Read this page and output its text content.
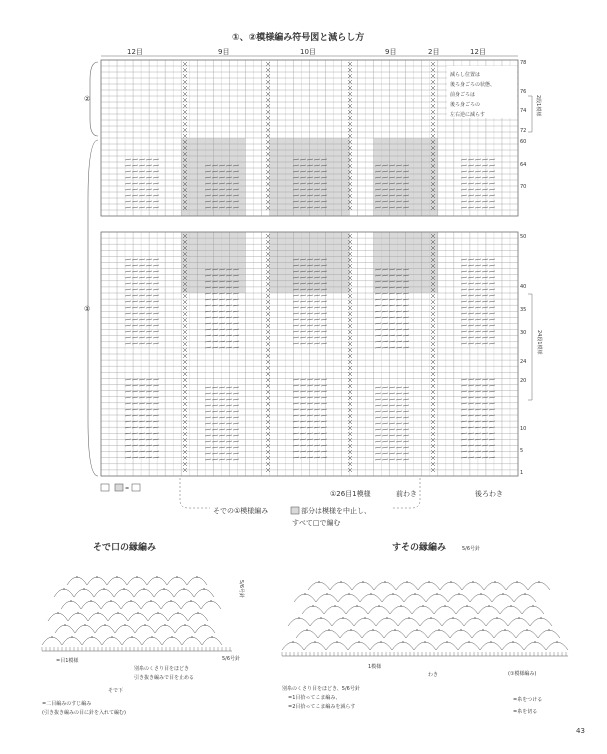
①、②模様編み符号図と減らし方
12目	9目	10目	9目	2目	12目
②
①
減らし位置は
後ろ身ごろの状態、
前身ごろは
後ろ身ごろの
左右逆に減らす	2段1模様
24段1模様
78
76
74
72
70
64
60
50
40
35
30
24
20
10
5
1
=
①26目1模様	前わき	後ろわき
そでの①模様編み	部分は模様を中止し、
すべて□で編む
そで口の縁編み
5/6号針
5/6号針
=目1模様
別糸のくさり目をほどき
引き抜き編みで目を止める
そで下
=二目編みのすじ編み
(引き抜き編みの目に針を入れて編む)
すその縁編み	5/6号針
1模様
わき	(①模様編み)
別糸のくさり目をほどき、5/6号針
=1目拾ってこま編み、
=2目拾ってこま編みを減らす
=糸をつける
=糸を切る
43
